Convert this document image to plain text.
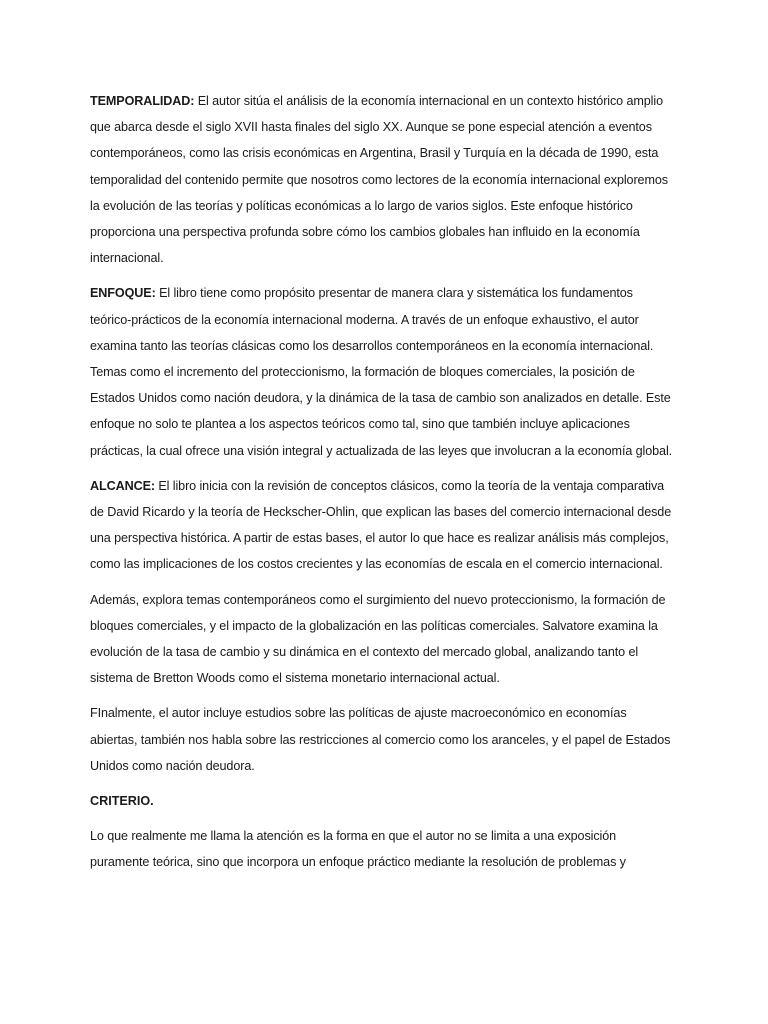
TEMPORALIDAD: El autor sitúa el análisis de la economía internacional en un contexto histórico amplio que abarca desde el siglo XVII hasta finales del siglo XX. Aunque se pone especial atención a eventos contemporáneos, como las crisis económicas en Argentina, Brasil y Turquía en la década de 1990, esta temporalidad del contenido permite que nosotros como lectores de la economía internacional exploremos la evolución de las teorías y políticas económicas a lo largo de varios siglos. Este enfoque histórico proporciona una perspectiva profunda sobre cómo los cambios globales han influido en la economía internacional.

ENFOQUE: El libro tiene como propósito presentar de manera clara y sistemática los fundamentos teórico-prácticos de la economía internacional moderna. A través de un enfoque exhaustivo, el autor examina tanto las teorías clásicas como los desarrollos contemporáneos en la economía internacional. Temas como el incremento del proteccionismo, la formación de bloques comerciales, la posición de Estados Unidos como nación deudora, y la dinámica de la tasa de cambio son analizados en detalle. Este enfoque no solo te plantea a los aspectos teóricos como tal, sino que también incluye aplicaciones prácticas, la cual ofrece una visión integral y actualizada de las leyes que involucran a la economía global.

ALCANCE: El libro inicia con la revisión de conceptos clásicos, como la teoría de la ventaja comparativa de David Ricardo y la teoría de Heckscher-Ohlin, que explican las bases del comercio internacional desde una perspectiva histórica. A partir de estas bases, el autor lo que hace es realizar análisis más complejos, como las implicaciones de los costos crecientes y las economías de escala en el comercio internacional.

Además, explora temas contemporáneos como el surgimiento del nuevo proteccionismo, la formación de bloques comerciales, y el impacto de la globalización en las políticas comerciales. Salvatore examina la evolución de la tasa de cambio y su dinámica en el contexto del mercado global, analizando tanto el sistema de Bretton Woods como el sistema monetario internacional actual.

FInalmente, el autor incluye estudios sobre las políticas de ajuste macroeconómico en economías abiertas, también nos habla sobre las restricciones al comercio como los aranceles, y el papel de Estados Unidos como nación deudora.

CRITERIO.

Lo que realmente me llama la atención es la forma en que el autor no se limita a una exposición puramente teórica, sino que incorpora un enfoque práctico mediante la resolución de problemas y
